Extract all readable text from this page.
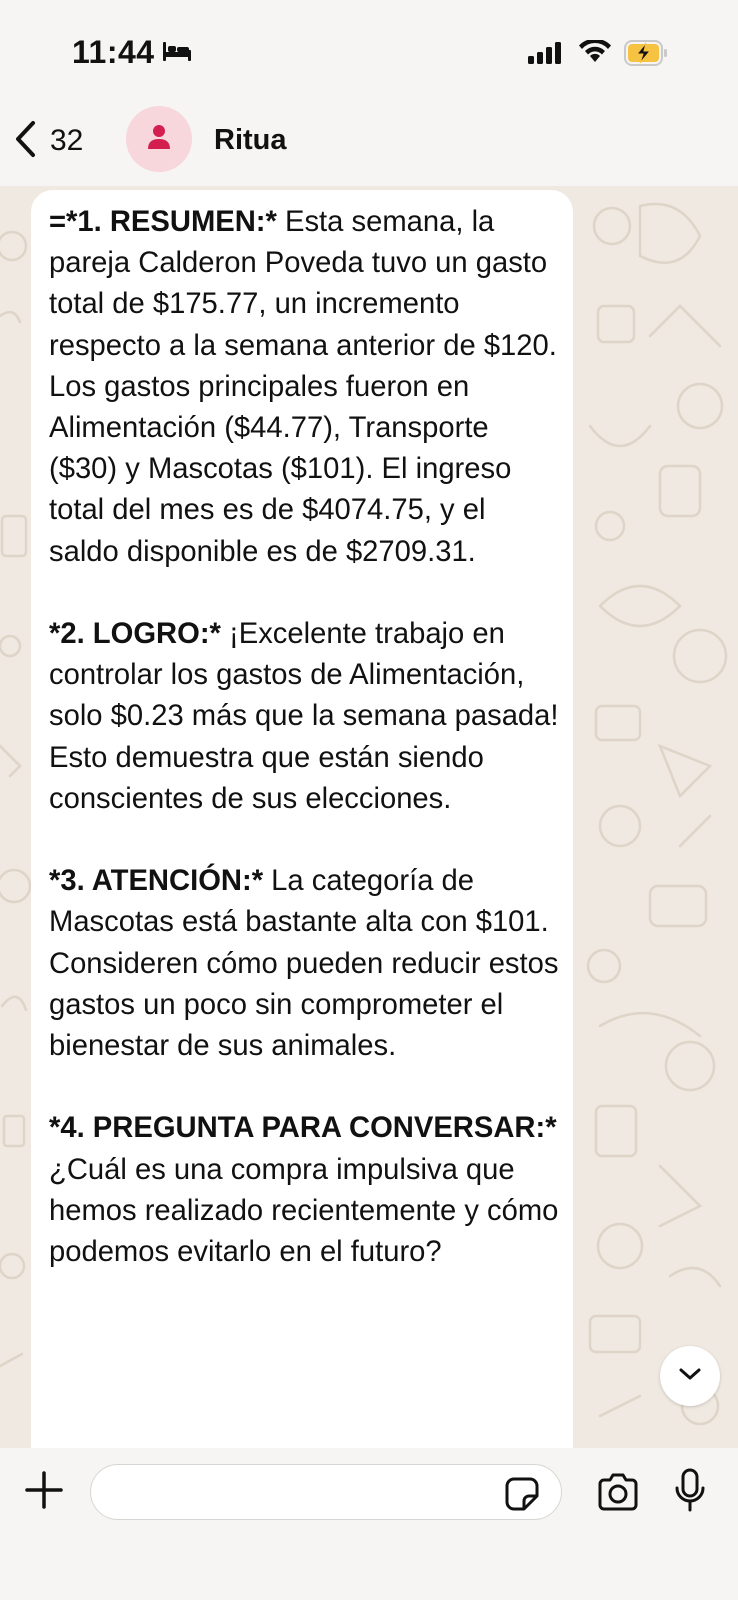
11:44
32	Ritua
=*1. RESUMEN:* Esta semana, la pareja Calderon Poveda tuvo un gasto total de $175.77, un incremento respecto a la semana anterior de $120. Los gastos principales fueron en Alimentación ($44.77), Transporte ($30) y Mascotas ($101). El ingreso total del mes es de $4074.75, y el saldo disponible es de $2709.31.

*2. LOGRO:* ¡Excelente trabajo en controlar los gastos de Alimentación, solo $0.23 más que la semana pasada! Esto demuestra que están siendo conscientes de sus elecciones.

*3. ATENCIÓN:* La categoría de Mascotas está bastante alta con $101. Consideren cómo pueden reducir estos gastos un poco sin comprometer el bienestar de sus animales.

*4. PREGUNTA PARA CONVERSAR:* ¿Cuál es una compra impulsiva que hemos realizado recientemente y cómo podemos evitarlo en el futuro?
